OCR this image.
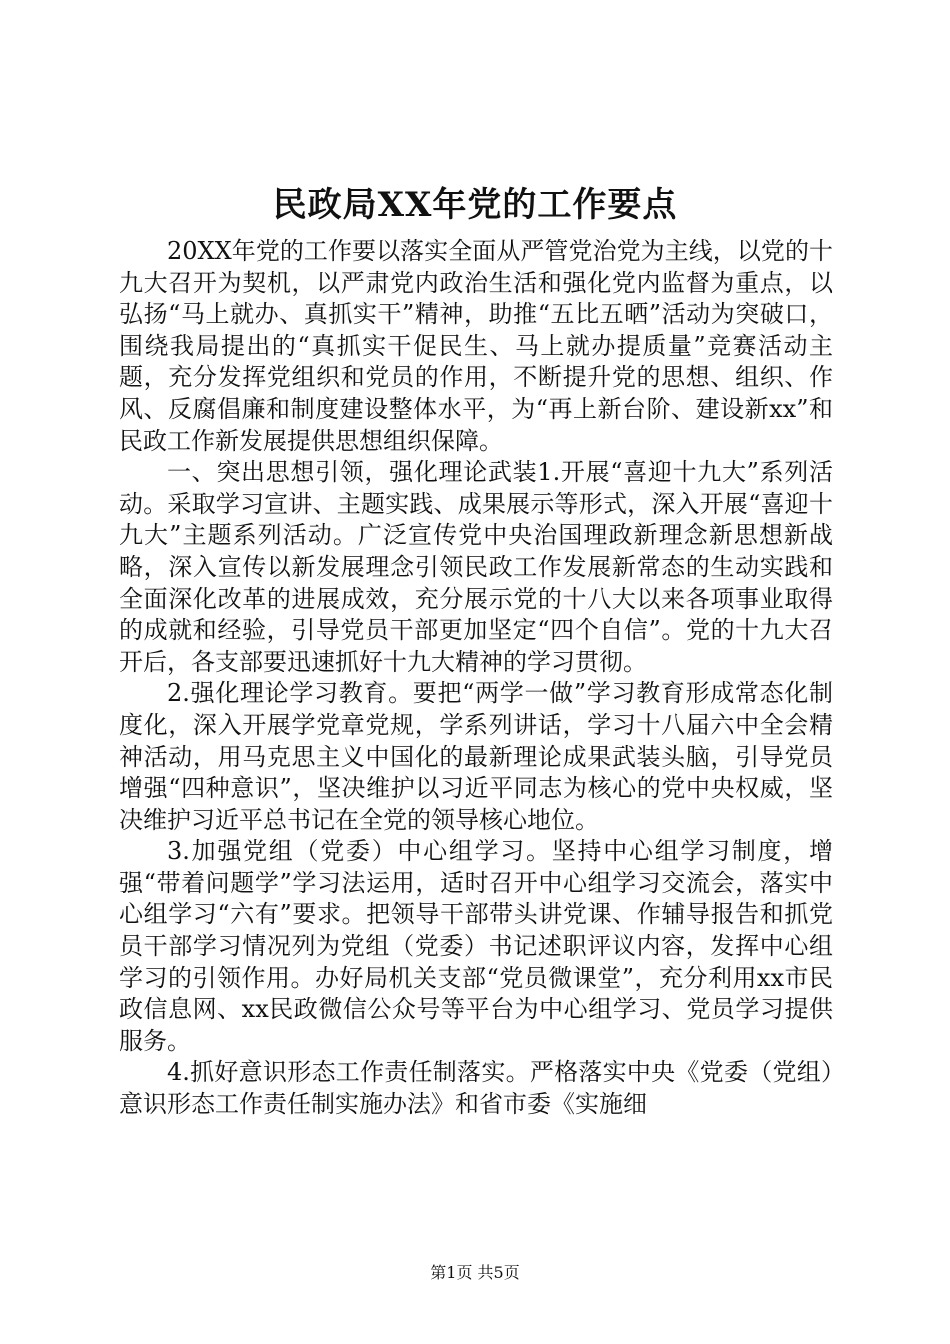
民政局XX年党的工作要点

20XX年党的工作要以落实全面从严管党治党为主线，以党的十九大召开为契机，以严肃党内政治生活和强化党内监督为重点，以弘扬“马上就办、真抓实干”精神，助推“五比五晒”活动为突破口，围绕我局提出的“真抓实干促民生、马上就办提质量”竞赛活动主题，充分发挥党组织和党员的作用，不断提升党的思想、组织、作风、反腐倡廉和制度建设整体水平，为“再上新台阶、建设新xx”和民政工作新发展提供思想组织保障。

一、突出思想引领，强化理论武装1.开展“喜迎十九大”系列活动。采取学习宣讲、主题实践、成果展示等形式，深入开展“喜迎十九大”主题系列活动。广泛宣传党中央治国理政新理念新思想新战略，深入宣传以新发展理念引领民政工作发展新常态的生动实践和全面深化改革的进展成效，充分展示党的十八大以来各项事业取得的成就和经验，引导党员干部更加坚定“四个自信”。党的十九大召开后，各支部要迅速抓好十九大精神的学习贯彻。

2.强化理论学习教育。要把“两学一做”学习教育形成常态化制度化，深入开展学党章党规，学系列讲话，学习十八届六中全会精神活动，用马克思主义中国化的最新理论成果武装头脑，引导党员增强“四种意识”，坚决维护以习近平同志为核心的党中央权威，坚决维护习近平总书记在全党的领导核心地位。

3.加强党组（党委）中心组学习。坚持中心组学习制度，增强“带着问题学”学习法运用，适时召开中心组学习交流会，落实中心组学习“六有”要求。把领导干部带头讲党课、作辅导报告和抓党员干部学习情况列为党组（党委）书记述职评议内容，发挥中心组学习的引领作用。办好局机关支部“党员微课堂”，充分利用xx市民政信息网、xx民政微信公众号等平台为中心组学习、党员学习提供服务。

4.抓好意识形态工作责任制落实。严格落实中央《党委（党组）意识形态工作责任制实施办法》和省市委《实施细

第1页 共5页
